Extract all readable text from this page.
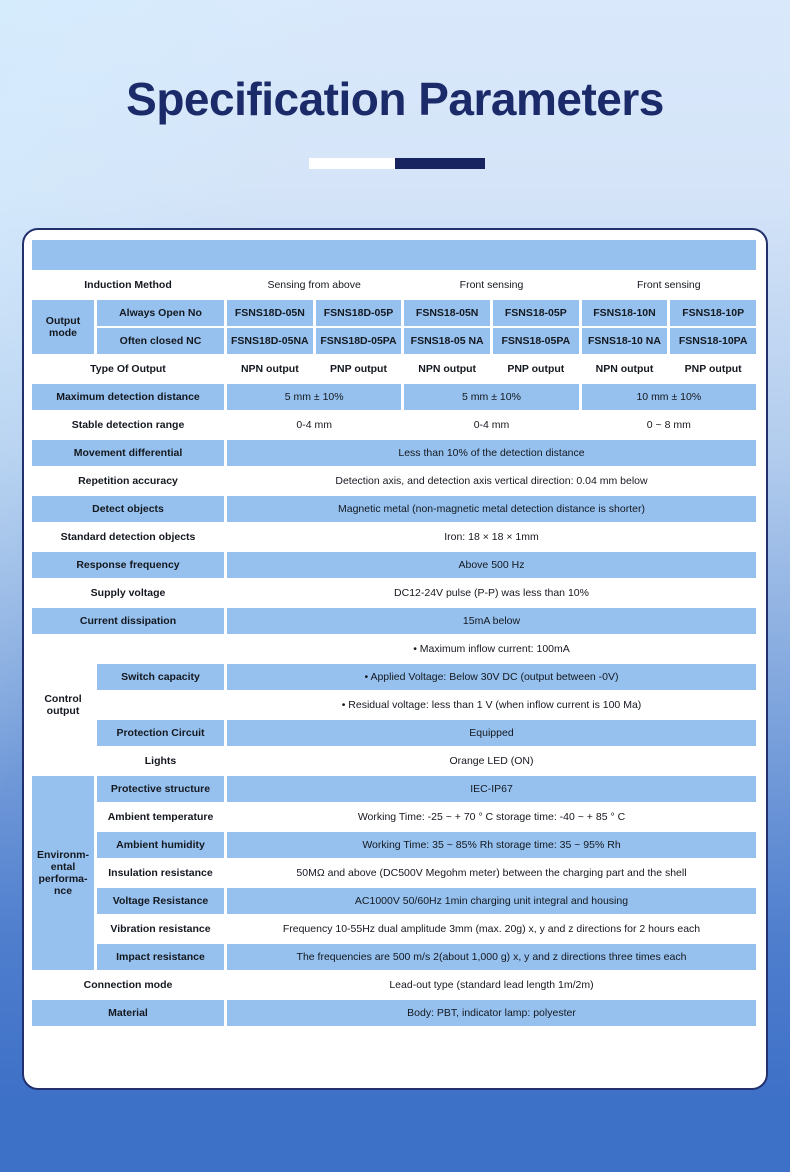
Specification Parameters
Induction Method	Sensing from above	Front sensing	Front sensing
Output mode
Always Open No	FSNS18D-05N	FSNS18D-05P	FSNS18-05N	FSNS18-05P	FSNS18-10N	FSNS18-10P
Often closed NC	FSNS18D-05NA	FSNS18D-05PA	FSNS18-05 NA	FSNS18-05PA	FSNS18-10 NA	FSNS18-10PA
Type Of Output	NPN output	PNP output	NPN output	PNP output	NPN output	PNP output
Maximum detection distance	5 mm ± 10%	5 mm ± 10%	10 mm ± 10%
Stable detection range	0-4 mm	0-4 mm	0 ~ 8 mm
Movement differential	Less than 10% of the detection distance
Repetition accuracy	Detection axis, and detection axis vertical direction: 0.04 mm below
Detect objects	Magnetic metal (non-magnetic metal detection distance is shorter)
Standard detection objects	Iron: 18 × 18 × 1mm
Response frequency	Above 500 Hz
Supply voltage	DC12-24V pulse (P-P) was less than 10%
Current dissipation	15mA below
Control output
• Maximum inflow current: 100mA
Switch capacity	• Applied Voltage: Below 30V DC (output between -0V)
• Residual voltage: less than 1 V (when inflow current is 100 Ma)
Protection Circuit	Equipped
Lights	Orange LED (ON)
Environm-ental performa-nce
Protective structure	IEC-IP67
Ambient temperature	Working Time: -25 ~ + 70 ° C storage time: -40 ~ + 85 ° C
Ambient humidity	Working Time: 35 ~ 85% Rh storage time: 35 ~ 95% Rh
Insulation resistance	50MΩ and above (DC500V Megohm meter) between the charging part and the shell
Voltage Resistance	AC1000V 50/60Hz 1min charging unit integral and housing
Vibration resistance	Frequency 10-55Hz dual amplitude 3mm (max. 20g) x, y and z directions for 2 hours each
Impact resistance	The frequencies are 500 m/s 2(about 1,000 g) x, y and z directions three times each
Connection mode	Lead-out type (standard lead length 1m/2m)
Material	Body: PBT, indicator lamp: polyester
